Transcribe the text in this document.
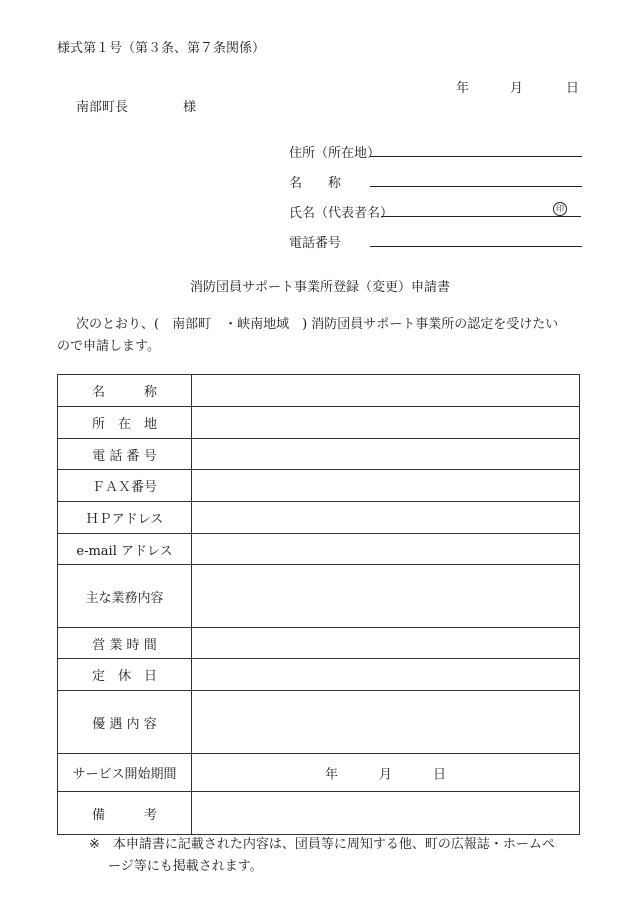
様式第１号（第３条、第７条関係）
年	月	日
南部町長	様
住所（所在地）
名　　称
氏名（代表者名）	印
電話番号
消防団員サポート事業所登録（変更）申請書
次のとおり、(　南部町　・峡南地域　) 消防団員サポート事業所の認定を受けたい
ので申請します。
名　　　称	
所　在　地	
電 話 番 号	
ＦＡＸ番号	
ＨＰアドレス	
e-mail アドレス	
主な業務内容	
営 業 時 間	
定　休　日	
優 遇 内 容	
サービス開始期間	年 月 日

備　　　考	
※ 本申請書に記載された内容は、団員等に周知する他、町の広報誌・ホームペ
ージ等にも掲載されます。
